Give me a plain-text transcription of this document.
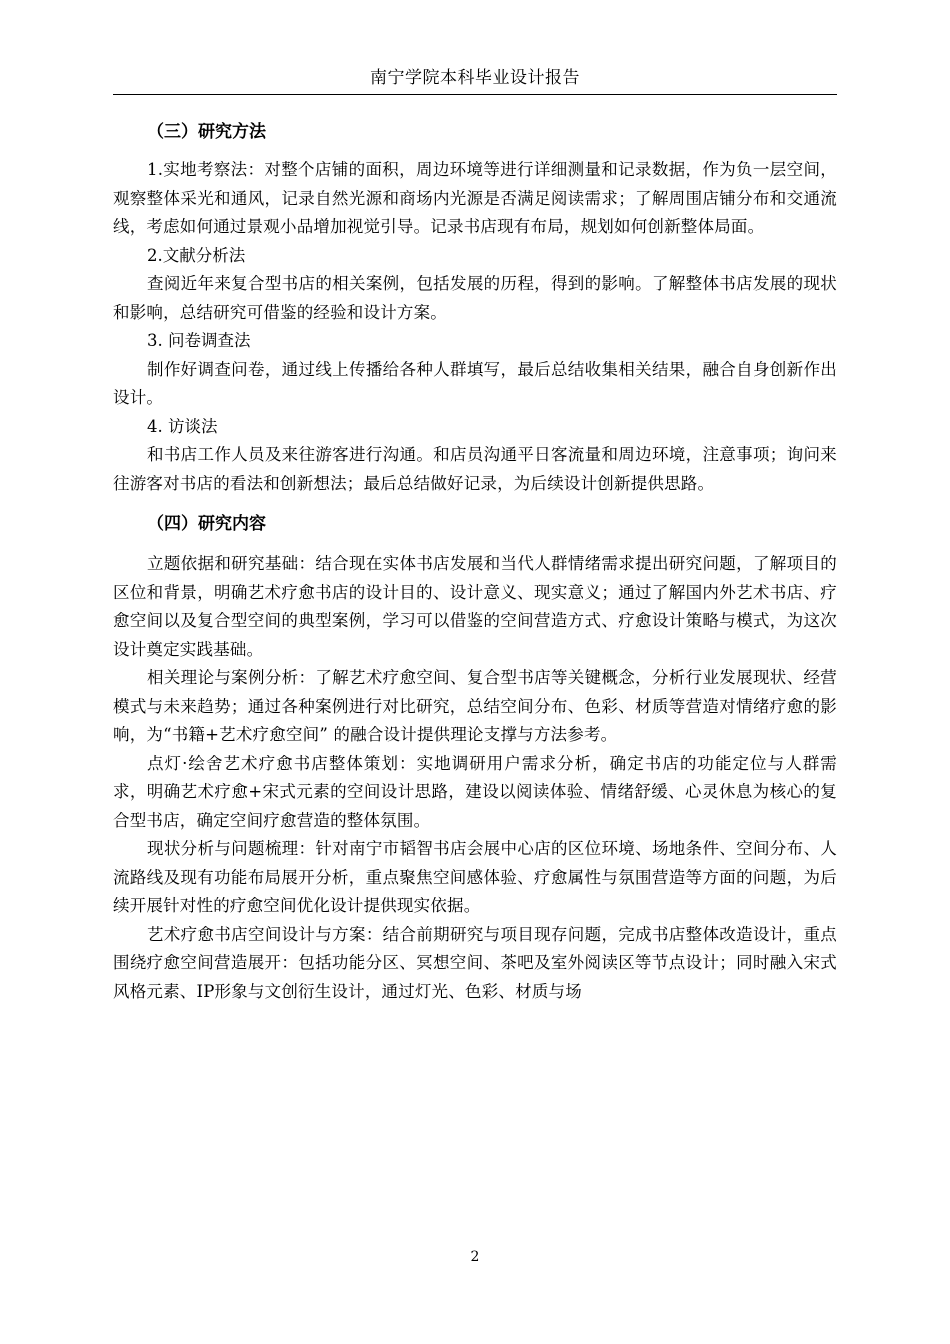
南宁学院本科毕业设计报告
（三）研究方法

1.实地考察法：对整个店铺的面积，周边环境等进行详细测量和记录数据，作为负一层空间，观察整体采光和通风，记录自然光源和商场内光源是否满足阅读需求；了解周围店铺分布和交通流线，考虑如何通过景观小品增加视觉引导。记录书店现有布局，规划如何创新整体局面。

2.文献分析法

查阅近年来复合型书店的相关案例，包括发展的历程，得到的影响。了解整体书店发展的现状和影响，总结研究可借鉴的经验和设计方案。

3. 问卷调查法

制作好调查问卷，通过线上传播给各种人群填写，最后总结收集相关结果，融合自身创新作出设计。

4. 访谈法

和书店工作人员及来往游客进行沟通。和店员沟通平日客流量和周边环境，注意事项；询问来往游客对书店的看法和创新想法；最后总结做好记录，为后续设计创新提供思路。

（四）研究内容

立题依据和研究基础：结合现在实体书店发展和当代人群情绪需求提出研究问题，了解项目的区位和背景，明确艺术疗愈书店的设计目的、设计意义、现实意义；通过了解国内外艺术书店、疗愈空间以及复合型空间的典型案例，学习可以借鉴的空间营造方式、疗愈设计策略与模式，为这次设计奠定实践基础。

相关理论与案例分析：了解艺术疗愈空间、复合型书店等关键概念，分析行业发展现状、经营模式与未来趋势；通过各种案例进行对比研究，总结空间分布、色彩、材质等营造对情绪疗愈的影响，为“书籍+艺术疗愈空间” 的融合设计提供理论支撑与方法参考。

点灯·绘舍艺术疗愈书店整体策划：实地调研用户需求分析，确定书店的功能定位与人群需求，明确艺术疗愈+宋式元素的空间设计思路，建设以阅读体验、情绪舒缓、心灵休息为核心的复合型书店，确定空间疗愈营造的整体氛围。

现状分析与问题梳理：针对南宁市韬智书店会展中心店的区位环境、场地条件、空间分布、人流路线及现有功能布局展开分析，重点聚焦空间感体验、疗愈属性与氛围营造等方面的问题，为后续开展针对性的疗愈空间优化设计提供现实依据。

艺术疗愈书店空间设计与方案：结合前期研究与项目现存问题，完成书店整体改造设计，重点围绕疗愈空间营造展开：包括功能分区、冥想空间、茶吧及室外阅读区等节点设计；同时融入宋式风格元素、IP形象与文创衍生设计，通过灯光、色彩、材质与场

2
